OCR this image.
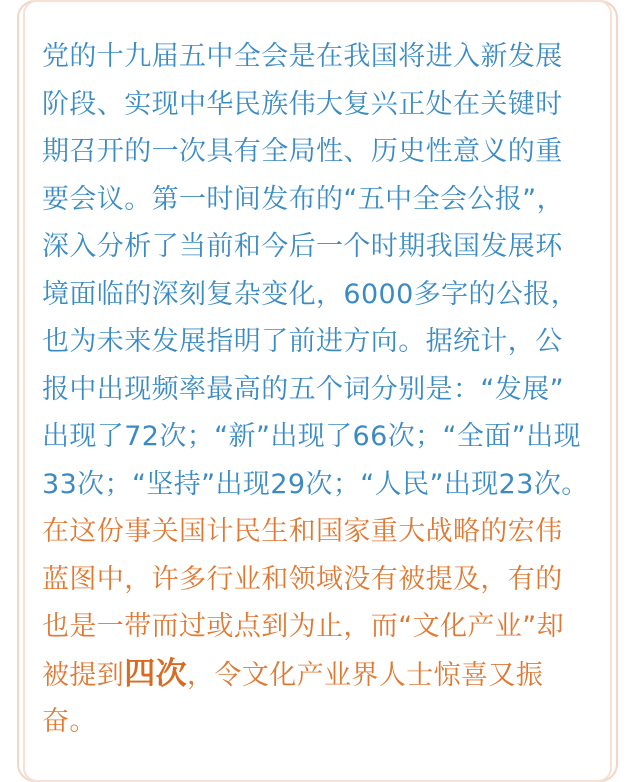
党的十九届五中全会是在我国将进入新发展
阶段、实现中华民族伟大复兴正处在关键时
期召开的一次具有全局性、历史性意义的重
要会议。第一时间发布的“五中全会公报”，
深入分析了当前和今后一个时期我国发展环
境面临的深刻复杂变化，6000多字的公报，
也为未来发展指明了前进方向。据统计，公
报中出现频率最高的五个词分别是：“发展”
出现了72次；“新”出现了66次；“全面”出现
33次；“坚持”出现29次；“人民”出现23次。
在这份事关国计民生和国家重大战略的宏伟
蓝图中，许多行业和领域没有被提及，有的
也是一带而过或点到为止，而“文化产业”却
被提到四次，令文化产业界人士惊喜又振
奋。
